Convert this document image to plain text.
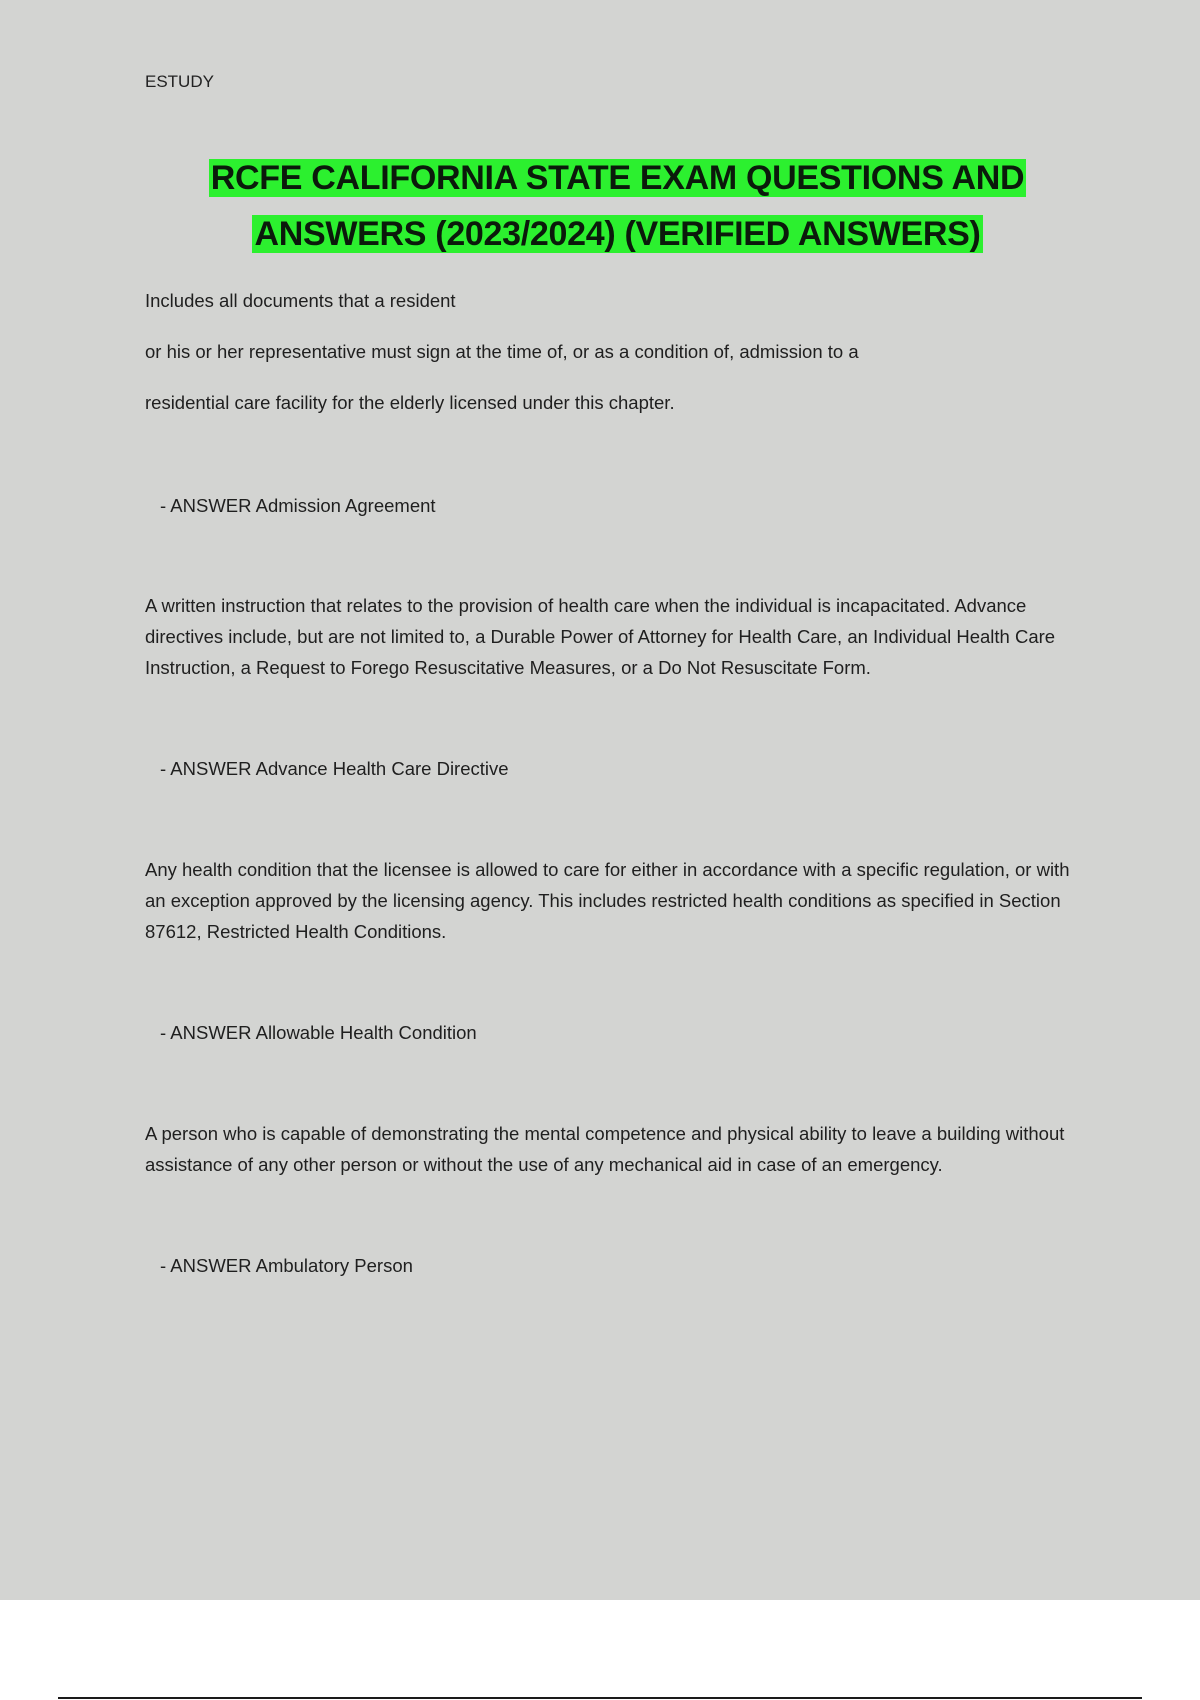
ESTUDY
RCFE CALIFORNIA STATE EXAM QUESTIONS AND
ANSWERS (2023/2024) (VERIFIED ANSWERS)

Includes all documents that a resident

or his or her representative must sign at the time of, or as a condition of, admission to a

residential care facility for the elderly licensed under this chapter.

- ANSWER Admission Agreement

A written instruction that relates to the provision of health care when the individual is incapacitated. Advance directives include, but are not limited to, a Durable Power of Attorney for Health Care, an Individual Health Care Instruction, a Request to Forego Resuscitative Measures, or a Do Not Resuscitate Form.

- ANSWER Advance Health Care Directive

Any health condition that the licensee is allowed to care for either in accordance with a specific regulation, or with an exception approved by the licensing agency. This includes restricted health conditions as specified in Section 87612, Restricted Health Conditions.

- ANSWER Allowable Health Condition

A person who is capable of demonstrating the mental competence and physical ability to leave a building without assistance of any other person or without the use of any mechanical aid in case of an emergency.

- ANSWER Ambulatory Person
